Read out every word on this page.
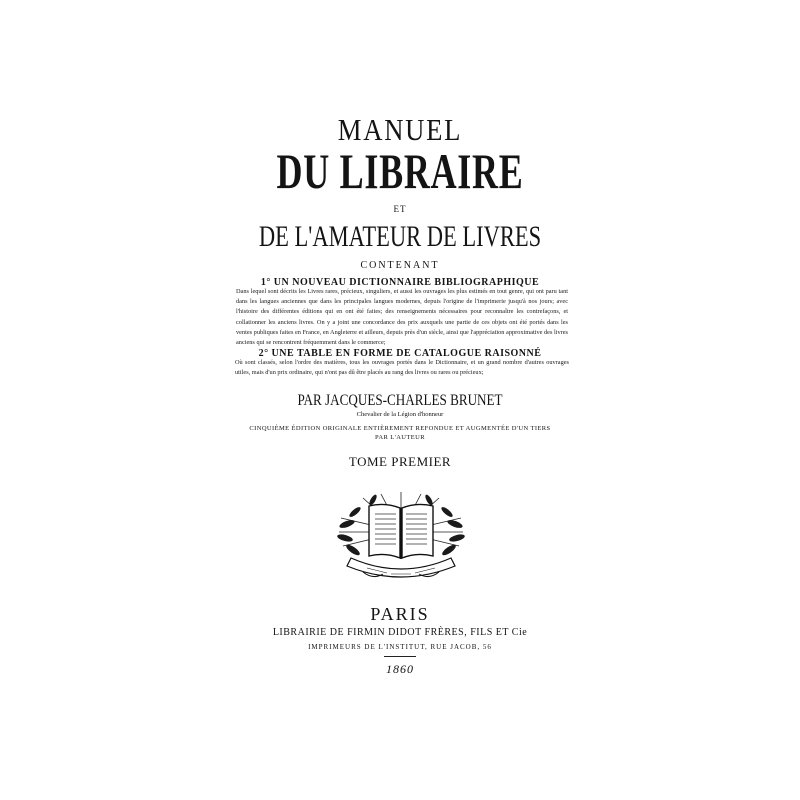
MANUEL
DU LIBRAIRE
ET
DE L'AMATEUR DE LIVRES
CONTENANT
1° UN NOUVEAU DICTIONNAIRE BIBLIOGRAPHIQUE
Dans lequel sont décrits les Livres rares, précieux, singuliers, et aussi les ouvrages les plus estimés en tout genre, qui ont paru tant dans les langues anciennes que dans les principales langues modernes, depuis l'origine de l'imprimerie jusqu'à nos jours; avec l'histoire des différentes éditions qui en ont été faites; des renseignements nécessaires pour reconnaître les contrefaçons, et collationner les anciens livres. On y a joint une concordance des prix auxquels une partie de ces objets ont été portés dans les ventes publiques faites en France, en Angleterre et ailleurs, depuis près d'un siècle, ainsi que l'appréciation approximative des livres anciens qui se rencontrent fréquemment dans le commerce;
2° UNE TABLE EN FORME DE CATALOGUE RAISONNÉ
Où sont classés, selon l'ordre des matières, tous les ouvrages portés dans le Dictionnaire, et un grand nombre d'autres ouvrages utiles, mais d'un prix ordinaire, qui n'ont pas dû être placés au rang des livres ou rares ou précieux;
PAR JACQUES-CHARLES BRUNET
Chevalier de la Légion d'honneur
CINQUIÈME ÉDITION ORIGINALE ENTIÈREMENT REFONDUE ET AUGMENTÉE D'UN TIERS
PAR L'AUTEUR
TOME PREMIER
PARIS
LIBRAIRIE DE FIRMIN DIDOT FRÈRES, FILS ET Cie
IMPRIMEURS DE L'INSTITUT, RUE JACOB, 56
1860
